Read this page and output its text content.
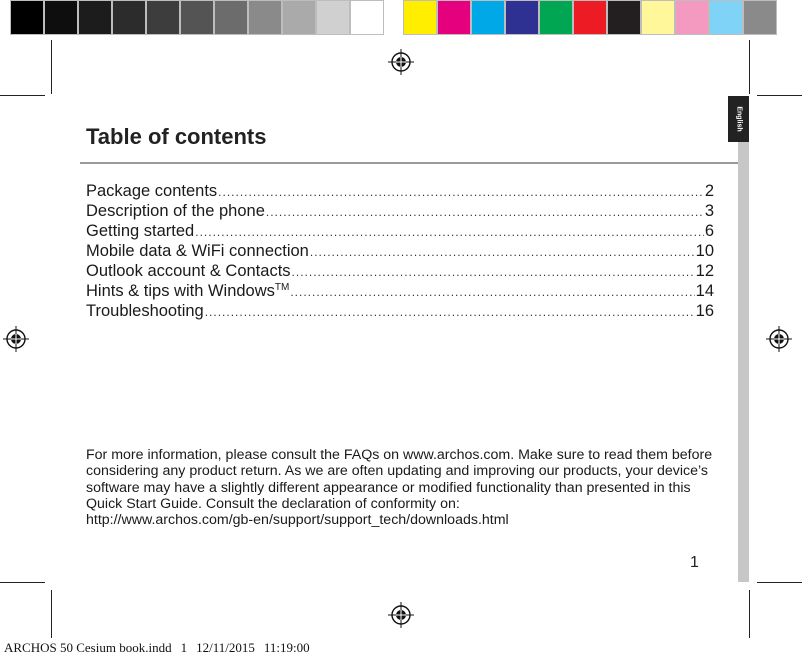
English
Table of contents
Package contents .....	2
Description of the phone .....	3
Getting started .....	6
Mobile data & WiFi connection .....	10
Outlook account & Contacts .....	12
Hints & tips with Windows™ .....	14
Troubleshooting .....	16

For more information, please consult the FAQs on www.archos.com. Make sure to read them before considering any product return. As we are often updating and improving our products, your device’s software may have a slightly different appearance or modified functionality than presented in this Quick Start Guide. Consult the declaration of conformity on:

http://www.archos.com/gb-en/support/support_tech/downloads.html

1
ARCHOS 50 Cesium book.indd 1 12/11/2015 11:19:00
